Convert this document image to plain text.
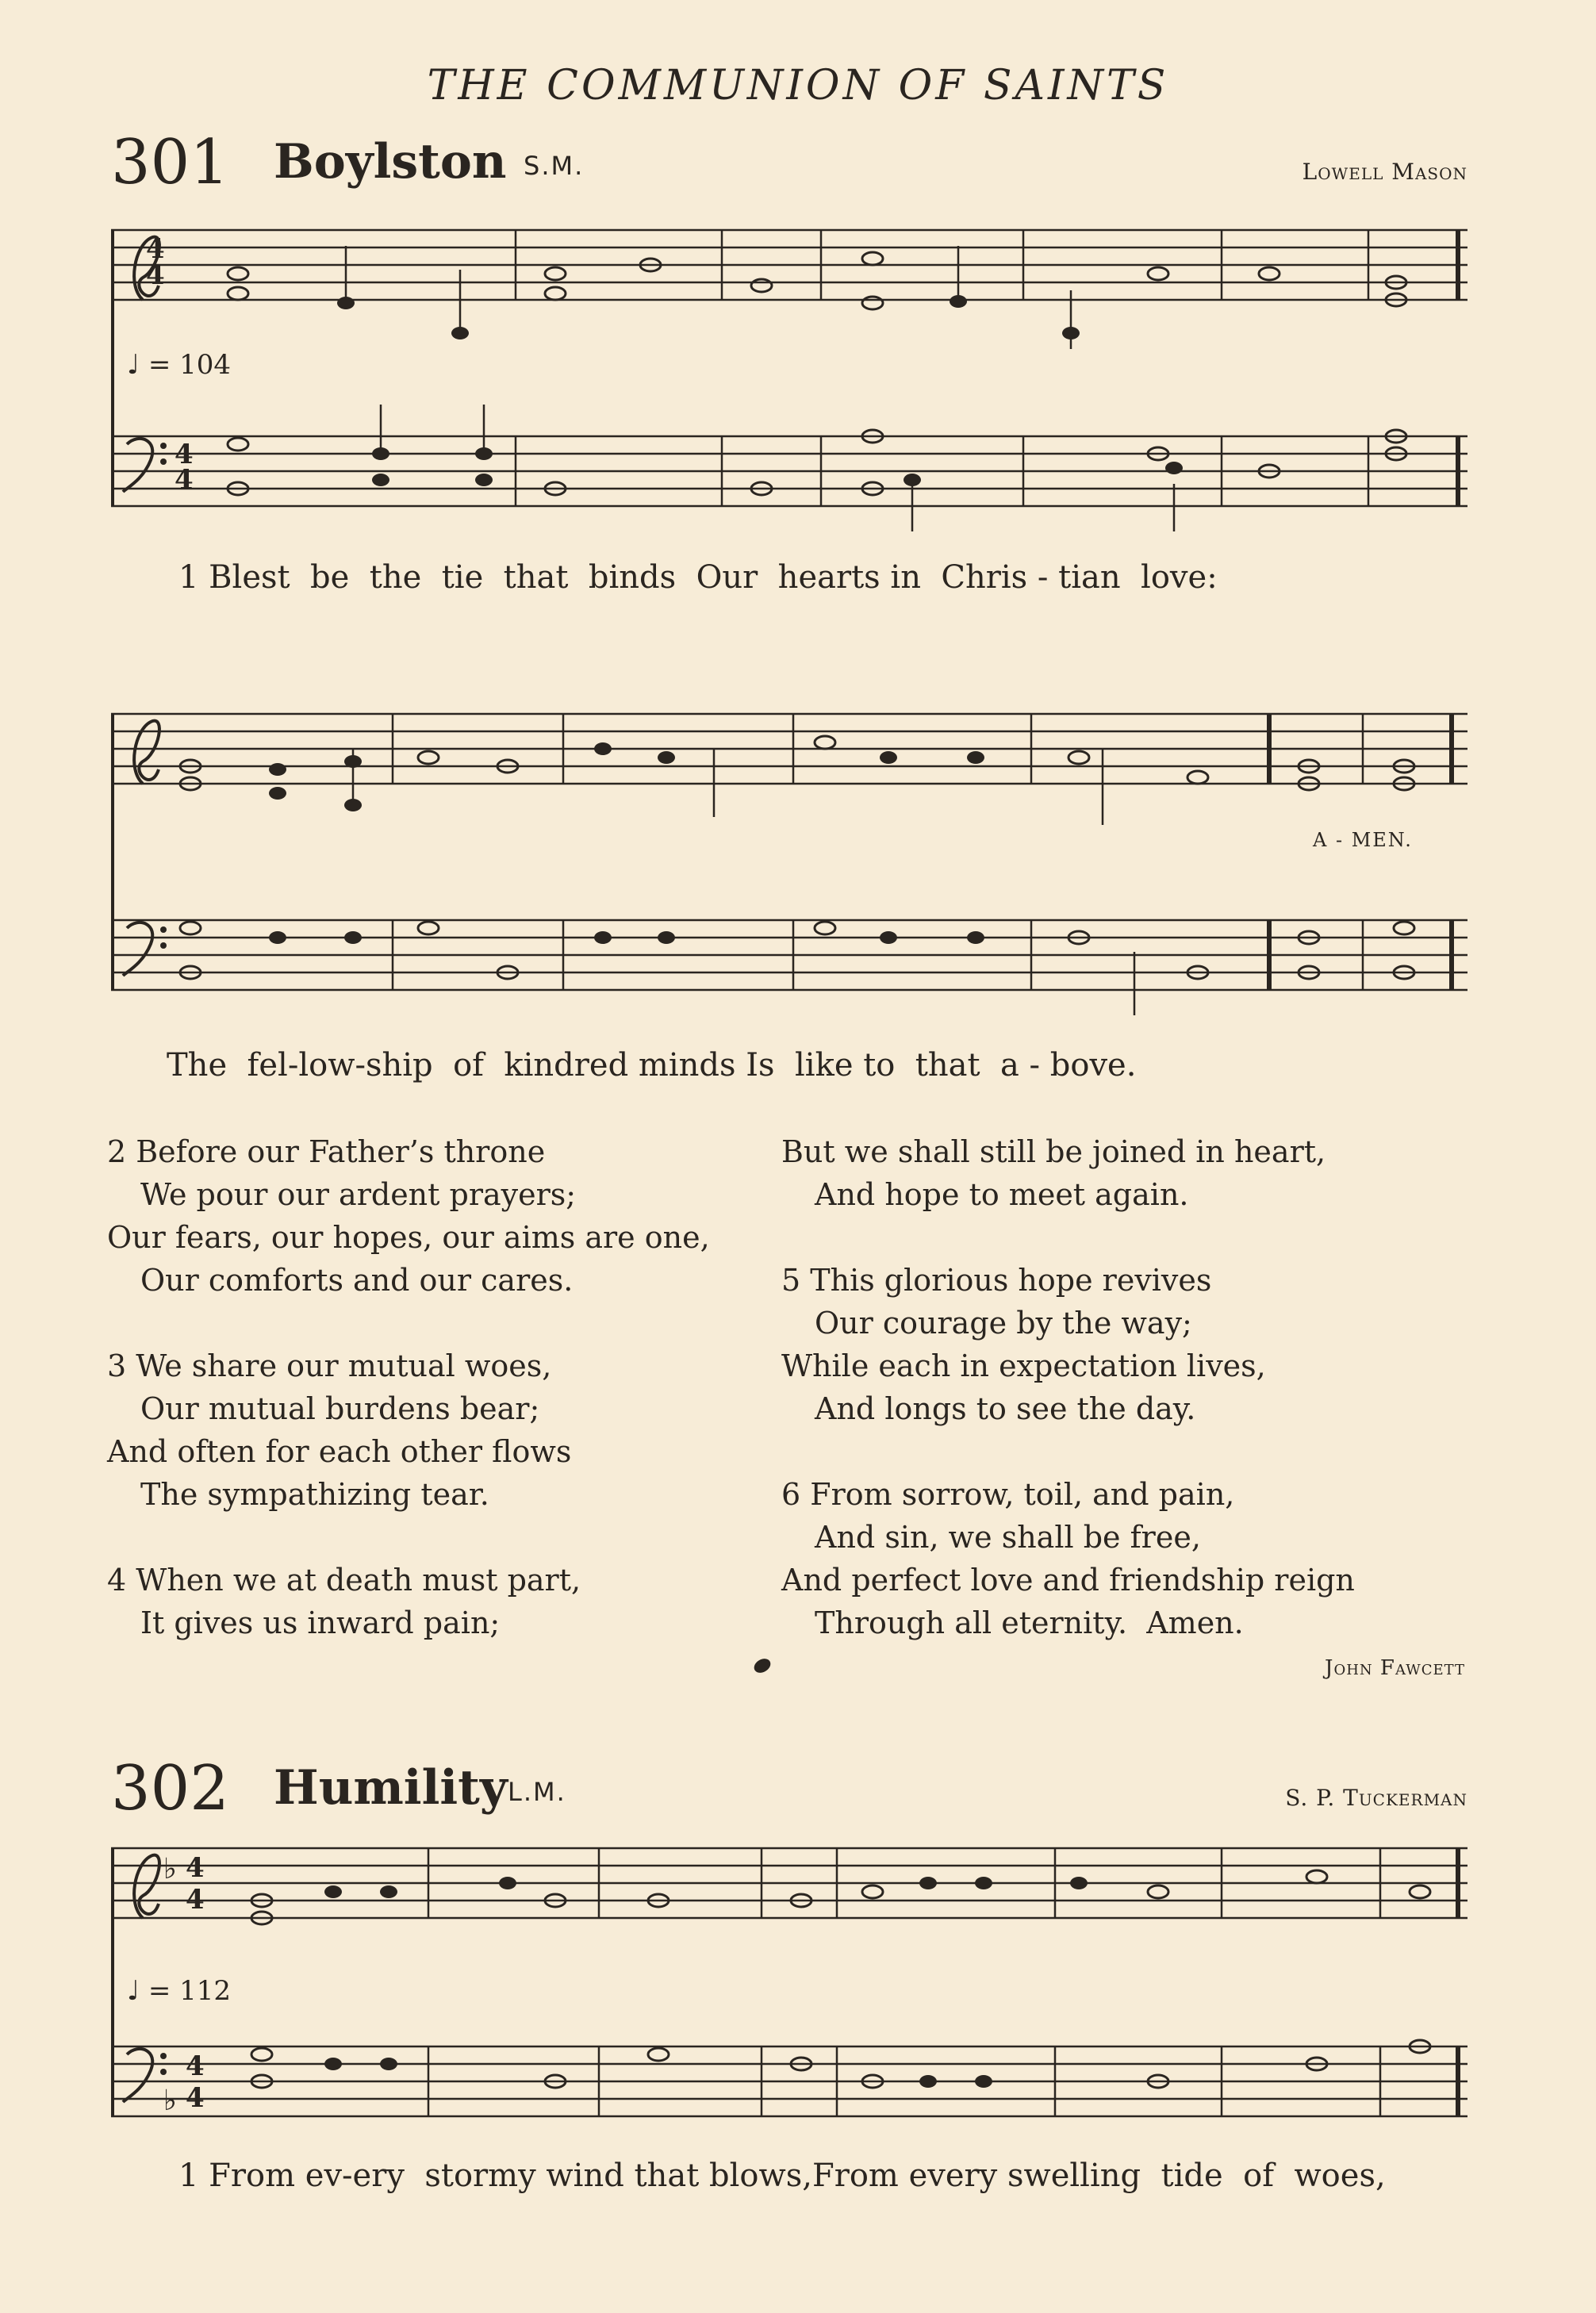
THE COMMUNION OF SAINTS
301 Boylston S.M.	Lowell Mason
4
4
4
4
♩ = 104
1 Blest  be  the  tie  that  binds  Our  hearts in  Chris - tian  love:
A - MEN.
The  fel-low-ship  of  kindred minds Is  like to  that  a - bove.
2 Before our Father’s throne
We pour our ardent prayers;
Our fears, our hopes, our aims are one,
Our comforts and our cares.
3 We share our mutual woes,
Our mutual burdens bear;
And often for each other flows
The sympathizing tear.
4 When we at death must part,
It gives us inward pain;
But we shall still be joined in heart,
And hope to meet again.
5 This glorious hope revives
Our courage by the way;
While each in expectation lives,
And longs to see the day.
6 From sorrow, toil, and pain,
And sin, we shall be free,
And perfect love and friendship reign
Through all eternity.  Amen.
John Fawcett
302 Humility L.M.	S. P. Tuckerman
♭
♭
4
4
4
4
♩ = 112
1 From ev-ery  stormy wind that blows,From every swelling  tide  of  woes,
